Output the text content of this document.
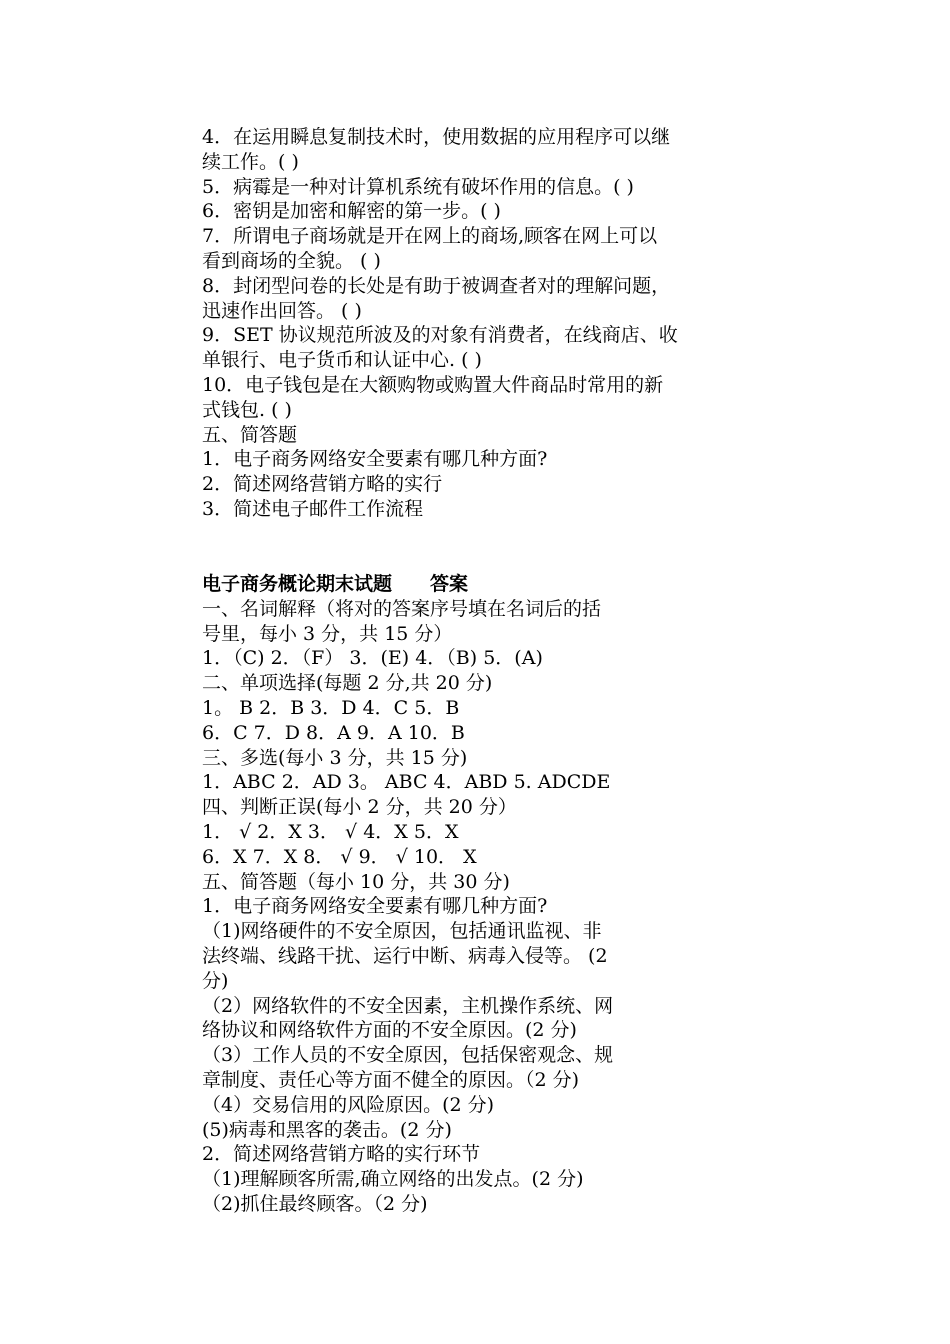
4．在运用瞬息复制技术时，使用数据的应用程序可以继
续工作。( )
5．病霉是一种对计算机系统有破坏作用的信息。( )
6．密钥是加密和解密的第一步。( )
7．所谓电子商场就是开在网上的商场,顾客在网上可以
看到商场的全貌。 ( )
8．封闭型问卷的长处是有助于被调查者对的理解问题，
迅速作出回答。 ( )
9．SET 协议规范所波及的对象有消费者，在线商店、收
单银行、电子货币和认证中心. ( )
10．电子钱包是在大额购物或购置大件商品时常用的新
式钱包. ( )
五、简答题
1．电子商务网络安全要素有哪几种方面?
2．简述网络营销方略的实行
3．简述电子邮件工作流程
电子商务概论期末试题　　答案
一、名词解释（将对的答案序号填在名词后的括
号里，每小 3 分，共 15 分）
1．（C) 2．（F） 3．(E) 4．（B) 5．(A)
二、单项选择(每题 2 分,共 20 分)
1。 B 2．B 3．D 4．C 5．B
6．C 7．D 8．A 9．A 10．B
三、多选(每小 3 分，共 15 分)
1．ABC 2．AD 3。 ABC 4．ABD 5. ADCDE
四、判断正误(每小 2 分，共 20 分）
1． √ 2．X 3． √ 4．X 5．X
6．X 7．X 8． √ 9． √ 10． X
五、简答题（每小 10 分，共 30 分)
1．电子商务网络安全要素有哪几种方面?
（1)网络硬件的不安全原因，包括通讯监视、非
法终端、线路干扰、运行中断、病毒入侵等。 (2
分)
（2）网络软件的不安全因素，主机操作系统、网
络协议和网络软件方面的不安全原因。(2 分)
（3）工作人员的不安全原因，包括保密观念、规
章制度、责任心等方面不健全的原因。（2 分)
（4）交易信用的风险原因。(2 分)
(5)病毒和黑客的袭击。(2 分)
2．简述网络营销方略的实行环节
（1)理解顾客所需,确立网络的出发点。(2 分)
（2)抓住最终顾客。（2 分)
